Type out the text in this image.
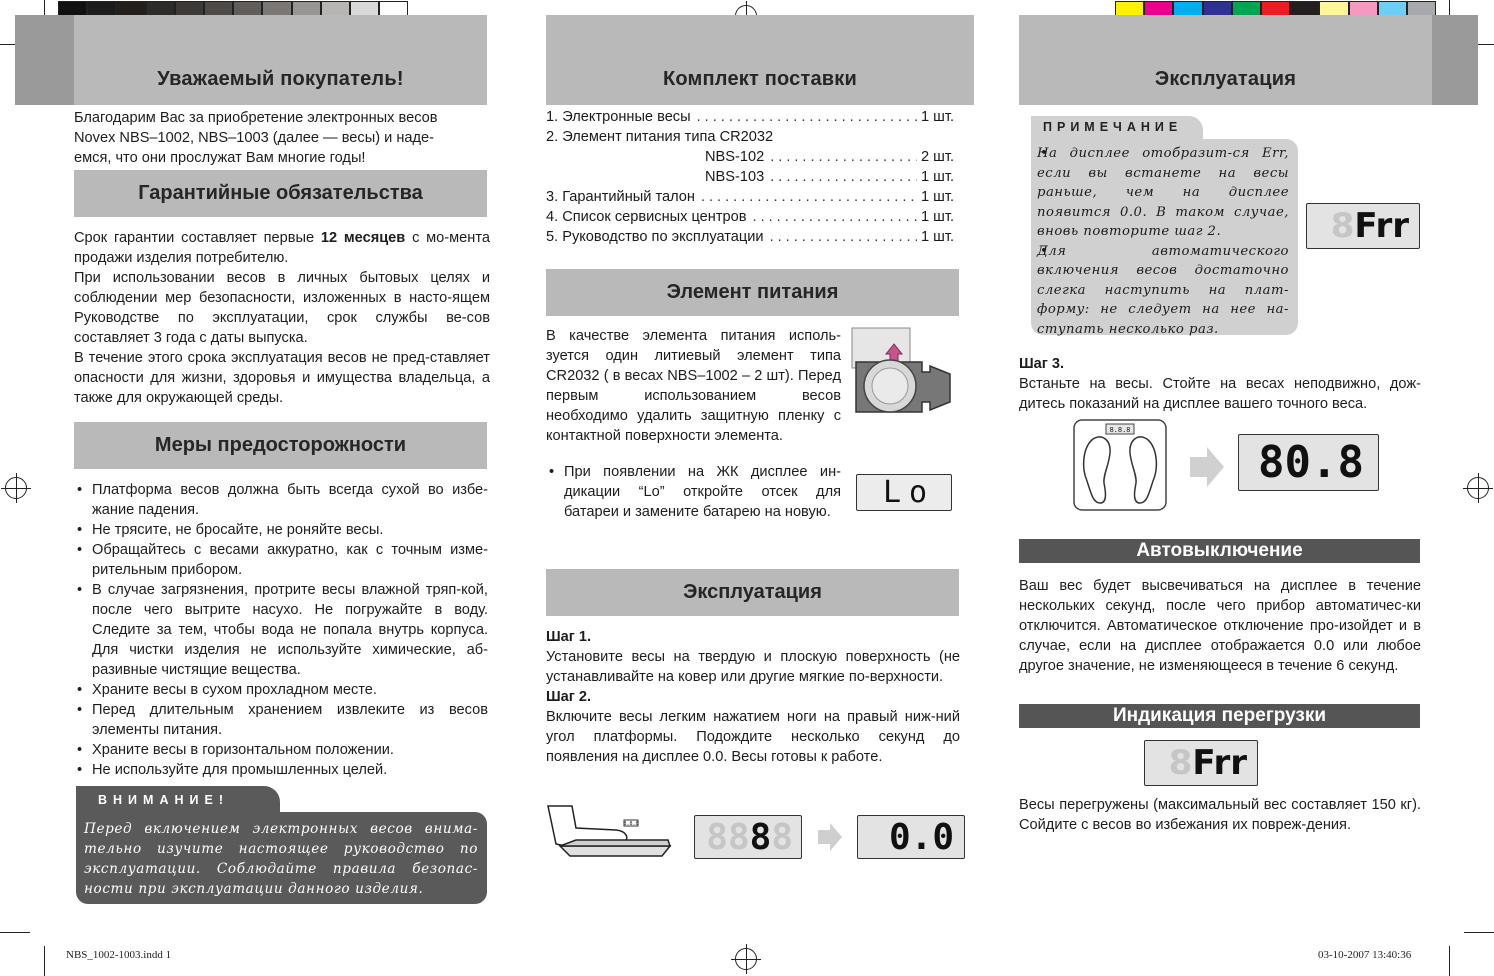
Уважаемый покупатель!

Благодарим Вас за приобретение электронных весов

Novex NBS–1002, NBS–1003 (далее — весы) и наде-

емся, что они прослужат Вам многие годы!

Гарантийные обязательства

Срок гарантии составляет первые 12 месяцев с мо-мента продажи изделия потребителю.

При использовании весов в личных бытовых целях и соблюдении мер безопасности, изложенных в насто-ящем Руководстве по эксплуатации, срок службы ве-сов составляет 3 года с даты выпуска.

В течение этого срока эксплуатация весов не пред-ставляет опасности для жизни, здоровья и имущества владельца, а также для окружающей среды.

Меры предосторожности
• Платформа весов должна быть всегда сухой во избе-жание падения.
• Не трясите, не бросайте, не роняйте весы.
• Обращайтесь с весами аккуратно, как с точным изме-рительным прибором.
• В случае загрязнения, протрите весы влажной тряп-кой, после чего вытрите насухо. Не погружайте в воду. Следите за тем, чтобы вода не попала внутрь корпуса. Для чистки изделия не используйте химические, аб-разивные чистящие вещества.
• Храните весы в сухом прохладном месте.
• Перед длительным хранением извлеките из весов элементы питания.
• Храните весы в горизонтальном положении.
• Не используйте для промышленных целей.
ВНИМАНИЕ!

Перед включением электронных весов внима-тельно изучите настоящее руководство по эксплуатации. Соблюдайте правила безопас-ности при эксплуатации данного изделия.

Комплект поставки
1. Электронные весы .....	1 шт.
2. Элемент питания типа CR2032
NBS-102 .....	2 шт.
NBS-103 .....	1 шт.
3. Гарантийный талон .....	1 шт.
4. Список сервисных центров .....	1 шт.
5. Руководство по эксплуатации .....	1 шт.
Элемент питания

В качестве элемента питания исполь-зуется один литиевый элемент типа CR2032 ( в весах NBS–1002 – 2 шт). Перед первым использованием весов необходимо удалить защитную пленку с контактной поверхности элемента.

• При появлении на ЖК дисплее ин-дикации “Lo” откройте отсек для батареи и замените батарею на новую.
Lo
Эксплуатация

Шаг 1.

Установите весы на твердую и плоскую поверхность (не устанавливайте на ковер или другие мягкие по-верхности.

Шаг 2.

Включите весы легким нажатием ноги на правый ниж-ний угол платформы. Подождите несколько секунд до появления на дисплее 0.0. Весы готовы к работе.

8.8.8 88 8 8	0.0
Эксплуатация
ПРИМЕЧАНИЕ
• На дисплее отобразит-ся Err, если вы встанете на весы раньше, чем на дисплее появится 0.0. В таком случае, вновь повторите шаг 2.
• Для автоматического включения весов достаточно слегка наступить на плат-форму: не следует на нее на-ступать несколько раз.
8 Frr

Шаг 3.

Встаньте на весы. Стойте на весах неподвижно, дож-дитесь показаний на дисплее вашего точного веса.

8.8.8
80.8
Автовыключение

Ваш вес будет высвечиваться на дисплее в течение нескольких секунд, после чего прибор автоматичес-ки отключится. Автоматическое отключение про-изойдет и в случае, если на дисплее отображается 0.0 или любое другое значение, не изменяющееся в течение 6 секунд.

Индикация перегрузки
8 Frr

Весы перегружены (максимальный вес составляет 150 кг). Сойдите с весов во избежания их повреж-дения.

NBS_1002-1003.indd 1	03-10-2007 13:40:36
